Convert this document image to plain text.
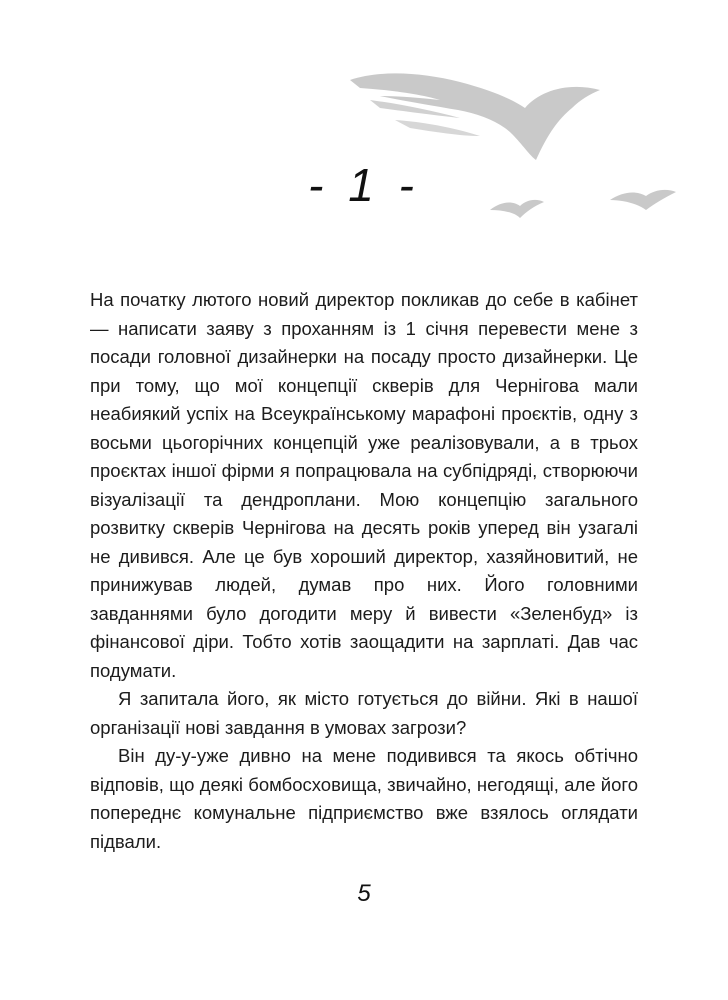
- 1 -

На початку лютого новий директор покликав до себе в кабінет — написати заяву з проханням із 1 січня перевести мене з посади головної дизайнерки на посаду просто дизайнерки. Це при тому, що мої концепції скверів для Чернігова мали неабиякий успіх на Всеукраїнському марафоні проєктів, одну з восьми цьогорічних концепцій уже реалізовували, а в трьох проєктах іншої фірми я попрацювала на субпідряді, створюючи візуалізації та дендроплани. Мою концепцію загального розвитку скверів Чернігова на десять років уперед він узагалі не дивився. Але це був хороший директор, хазяйновитий, не принижував людей, думав про них. Його головними завданнями було догодити меру й вивести «Зеленбуд» із фінансової діри. Тобто хотів заощадити на зарплаті. Дав час подумати.

Я запитала його, як місто готується до війни. Які в нашої організації нові завдання в умовах загрози?

Він ду-у-уже дивно на мене подивився та якось обтічно відповів, що деякі бомбосховища, звичайно, негодящі, але його попереднє комунальне підприємство вже взялось оглядати підвали.

5
